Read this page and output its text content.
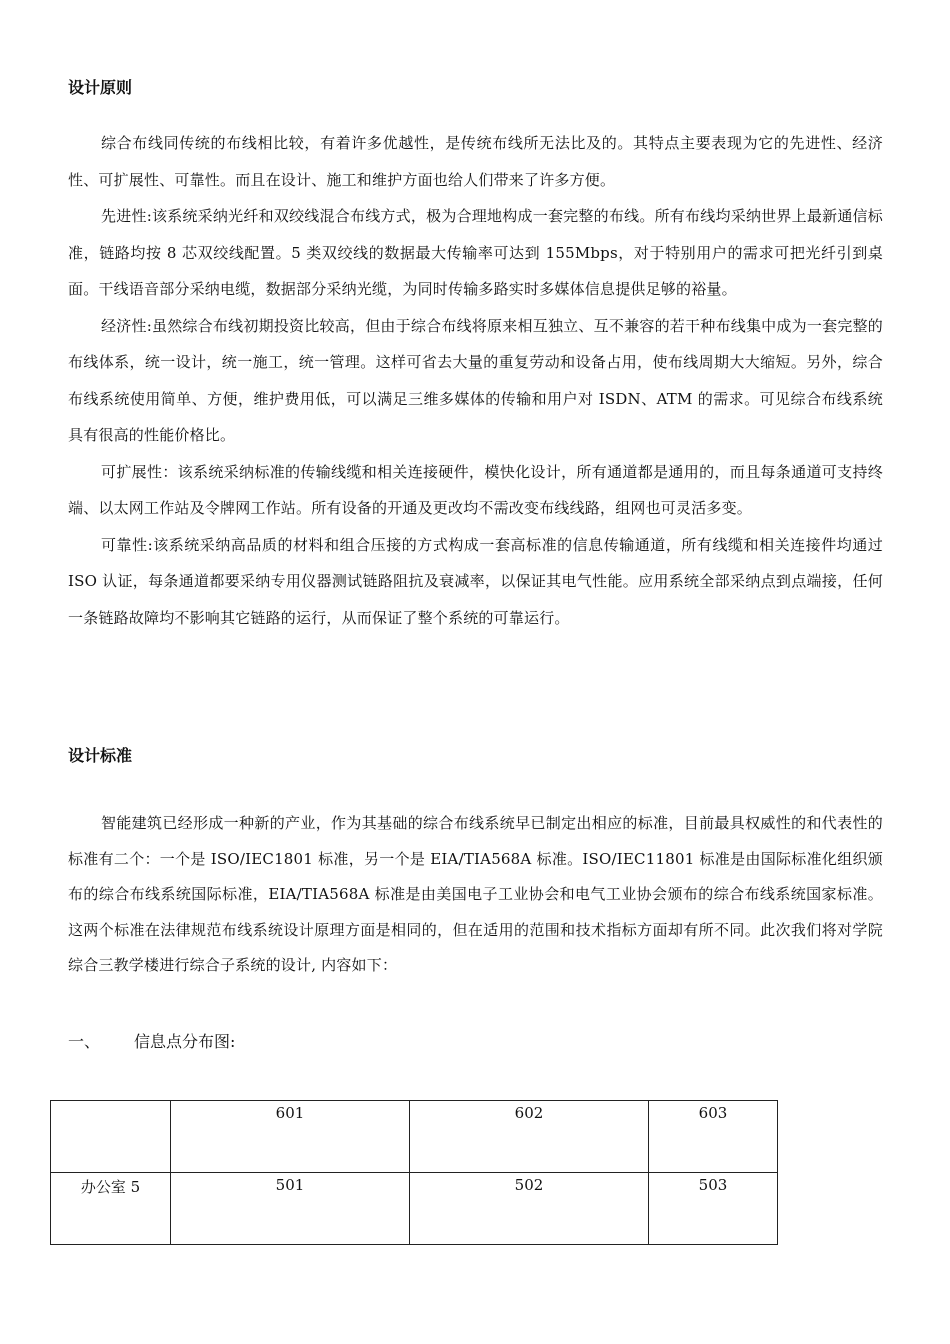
设计原则

综合布线同传统的布线相比较，有着许多优越性，是传统布线所无法比及的。其特点主要表现为它的先进性、经济性、可扩展性、可靠性。而且在设计、施工和维护方面也给人们带来了许多方便。

先进性:该系统采纳光纤和双绞线混合布线方式，极为合理地构成一套完整的布线。所有布线均采纳世界上最新通信标准，链路均按 8 芯双绞线配置。5 类双绞线的数据最大传输率可达到 155Mbps，对于特别用户的需求可把光纤引到桌面。干线语音部分采纳电缆，数据部分采纳光缆，为同时传输多路实时多媒体信息提供足够的裕量。

经济性:虽然综合布线初期投资比较高，但由于综合布线将原来相互独立、互不兼容的若干种布线集中成为一套完整的布线体系，统一设计，统一施工，统一管理。这样可省去大量的重复劳动和设备占用，使布线周期大大缩短。另外，综合布线系统使用简单、方便，维护费用低，可以满足三维多媒体的传输和用户对 ISDN、ATM 的需求。可见综合布线系统具有很高的性能价格比。

可扩展性：该系统采纳标准的传输线缆和相关连接硬件，模快化设计，所有通道都是通用的，而且每条通道可支持终端、以太网工作站及令牌网工作站。所有设备的开通及更改均不需改变布线线路，组网也可灵活多变。

可靠性:该系统采纳高品质的材料和组合压接的方式构成一套高标准的信息传输通道，所有线缆和相关连接件均通过 ISO 认证，每条通道都要采纳专用仪器测试链路阻抗及衰减率，以保证其电气性能。应用系统全部采纳点到点端接，任何一条链路故障均不影响其它链路的运行，从而保证了整个系统的可靠运行。

设计标准

智能建筑已经形成一种新的产业，作为其基础的综合布线系统早已制定出相应的标准，目前最具权威性的和代表性的标准有二个：一个是 ISO/IEC1801 标准，另一个是 EIA/TIA568A 标准。ISO/IEC11801 标准是由国际标准化组织颁布的综合布线系统国际标准，EIA/TIA568A 标准是由美国电子工业协会和电气工业协会颁布的综合布线系统国家标准。这两个标准在法律规范布线系统设计原理方面是相同的，但在适用的范围和技术指标方面却有所不同。此次我们将对学院综合三教学楼进行综合子系统的设计, 内容如下：

一、 信息点分布图:
	601	602	603
办公室 5	501	502	503
